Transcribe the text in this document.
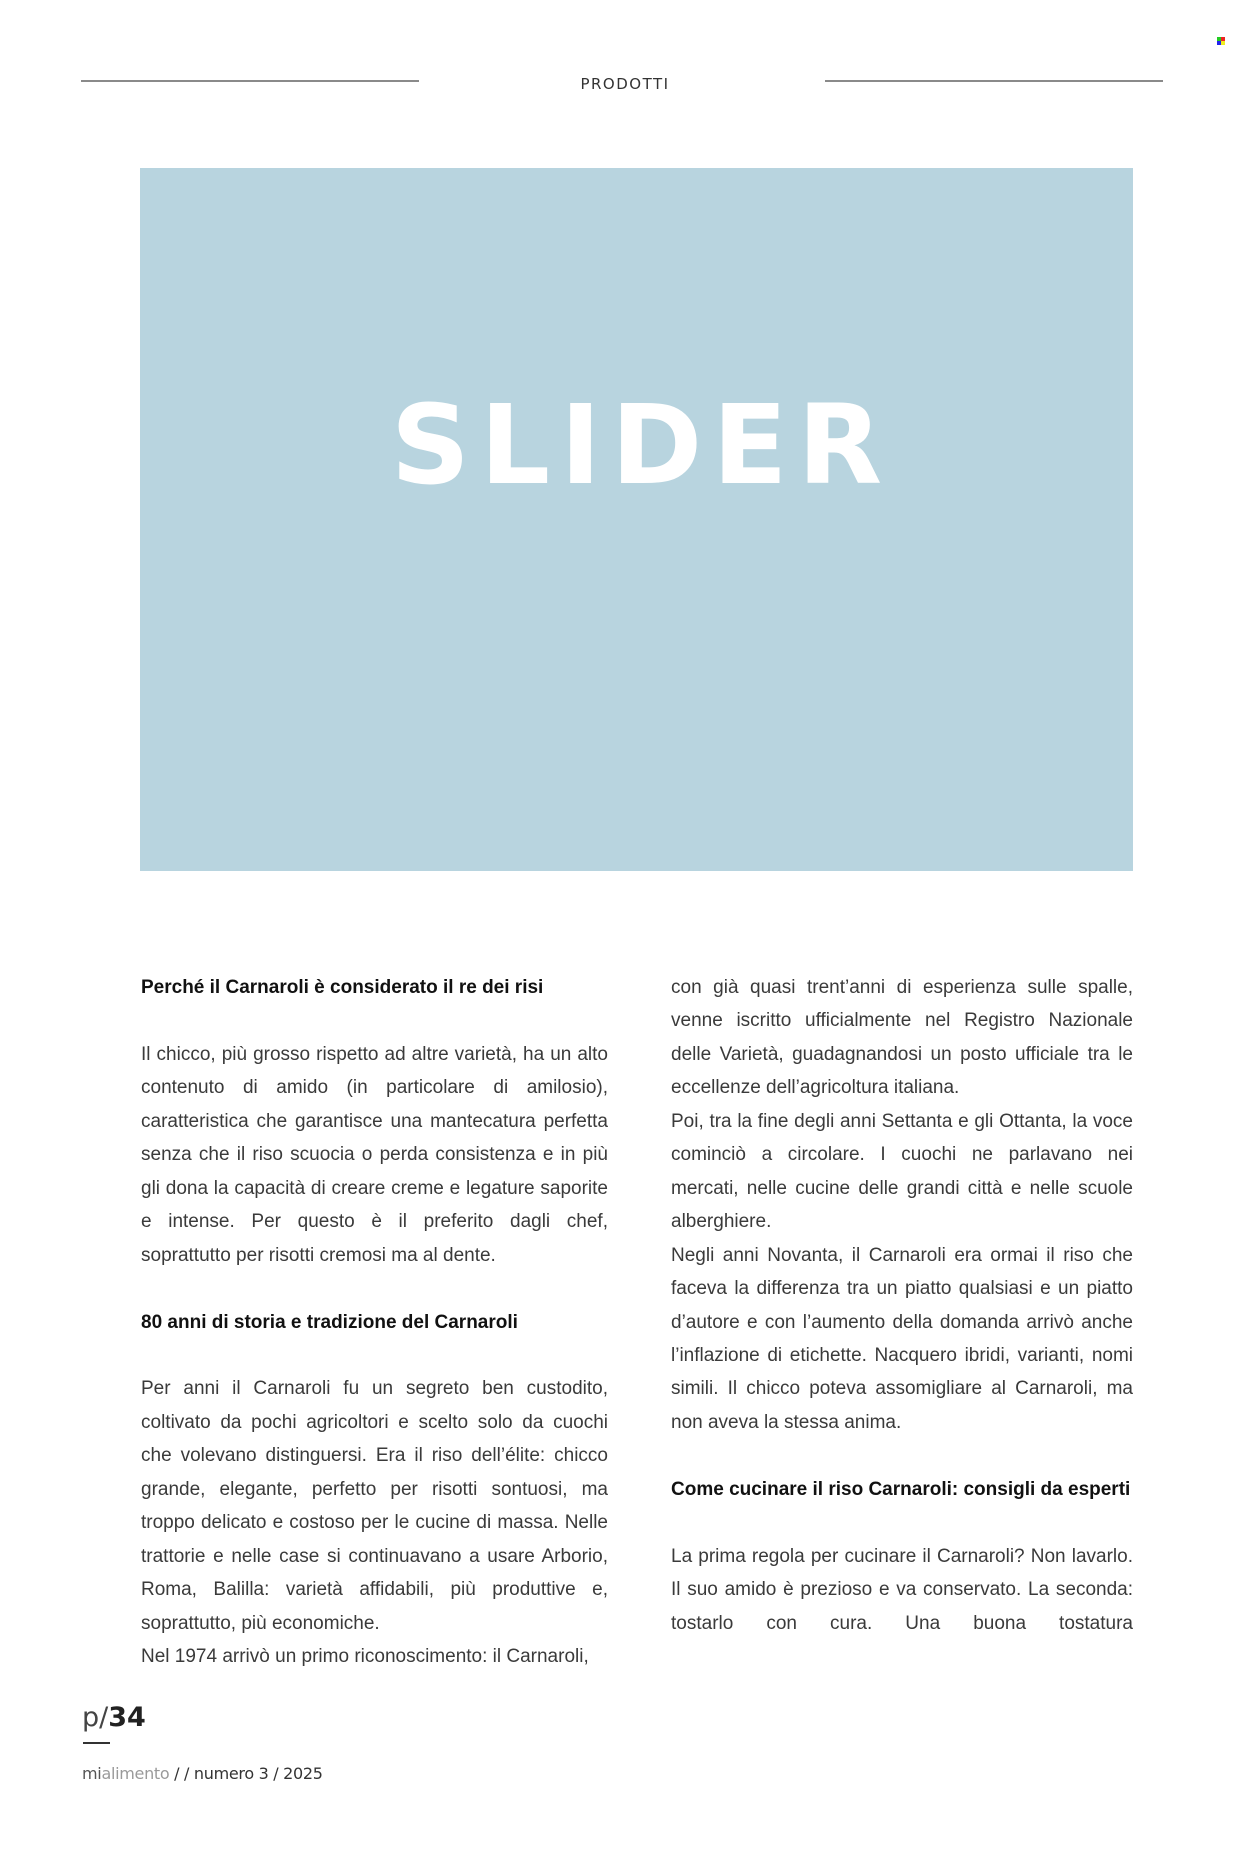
PRODOTTI
SLIDER
Perché il Carnaroli è considerato il re dei risi

Il chicco, più grosso rispetto ad altre varietà, ha un alto contenuto di amido (in particolare di amilosio), caratteristica che garantisce una mantecatura perfetta senza che il riso scuocia o perda consistenza e in più gli dona la capacità di creare creme e legature saporite e intense. Per questo è il preferito dagli chef, soprattutto per risotti cremosi ma al dente.

80 anni di storia e tradizione del Carnaroli

Per anni il Carnaroli fu un segreto ben custodito, coltivato da pochi agricoltori e scelto solo da cuochi che volevano distinguersi. Era il riso dell’élite: chicco grande, elegante, perfetto per risotti sontuosi, ma troppo delicato e costoso per le cucine di massa. Nelle trattorie e nelle case si continuavano a usare Arborio, Roma, Balilla: varietà affidabili, più produttive e, soprattutto, più economiche.

Nel 1974 arrivò un primo riconoscimento: il Carnaroli,

con già quasi trent’anni di esperienza sulle spalle, venne iscritto ufficialmente nel Registro Nazionale delle Varietà, guadagnandosi un posto ufficiale tra le eccellenze dell’agricoltura italiana.

Poi, tra la fine degli anni Settanta e gli Ottanta, la voce cominciò a circolare. I cuochi ne parlavano nei mercati, nelle cucine delle grandi città e nelle scuole alberghiere.

Negli anni Novanta, il Carnaroli era ormai il riso che faceva la differenza tra un piatto qualsiasi e un piatto d’autore e con l’aumento della domanda arrivò anche l’inflazione di etichette. Nacquero ibridi, varianti, nomi simili. Il chicco poteva assomigliare al Carnaroli, ma non aveva la stessa anima.

Come cucinare il riso Carnaroli: consigli da esperti

La prima regola per cucinare il Carnaroli? Non lavarlo. Il suo amido è prezioso e va conservato. La seconda: tostarlo con cura. Una buona tostatura

p/34
mialimento / / numero 3 / 2025
